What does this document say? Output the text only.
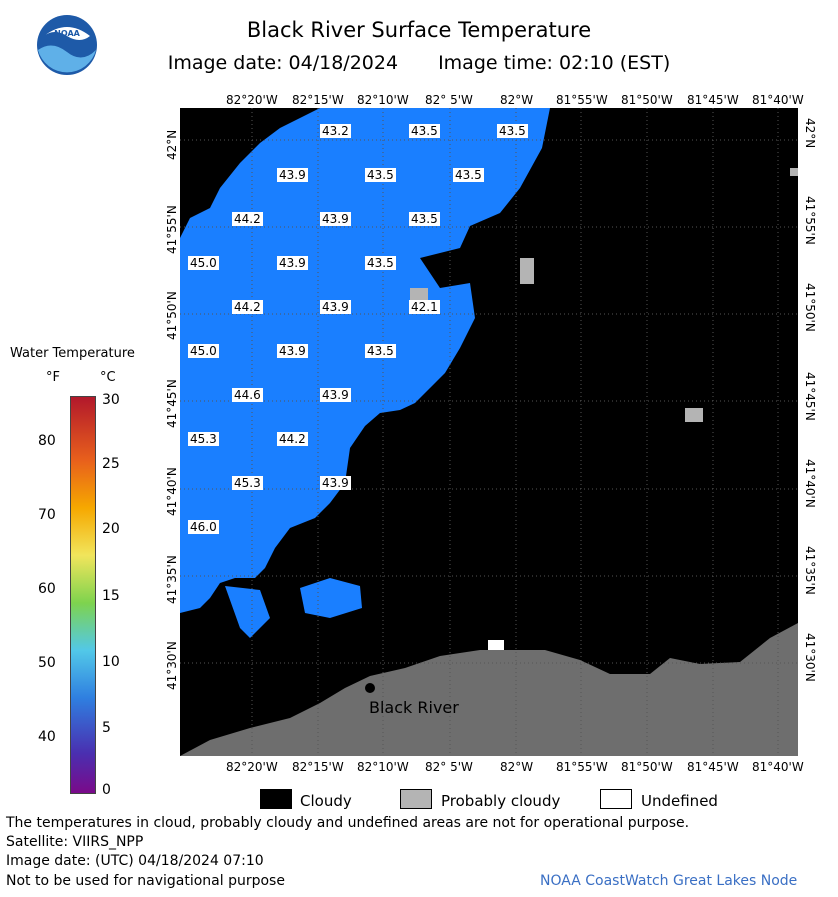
NOAA	Black River Surface Temperature
Image date: 04/18/2024 Image time: 02:10 (EST)
82°20'W 82°15'W 82°10'W 82° 5'W 82°W 81°55'W 81°50'W 81°45'W 81°40'W
82°20'W 82°15'W 82°10'W 82° 5'W 82°W 81°55'W 81°50'W 81°45'W 81°40'W
42°N
41°55'N
41°50'N
41°45'N
41°40'N
41°35'N
41°30'N
42°N
41°55'N
41°50'N
41°45'N
41°40'N
41°35'N
41°30'N
43.2	43.5	43.5
43.9	43.5	43.5
44.2	43.9	43.5
45.0	43.9	43.5
44.2	43.9	42.1
45.0	43.9	43.5
44.6	43.9
45.3	44.2
45.3	43.9
46.0
Black River
Water Temperature
°F	°C
80
70
60
50
40
30
25
20
15
10
5
0
Cloudy	Probably cloudy	Undefined
The temperatures in cloud, probably cloudy and undefined areas are not for operational purpose.
Satellite: VIIRS_NPP
Image date: (UTC) 04/18/2024 07:10
Not to be used for navigational purpose	NOAA CoastWatch Great Lakes Node
